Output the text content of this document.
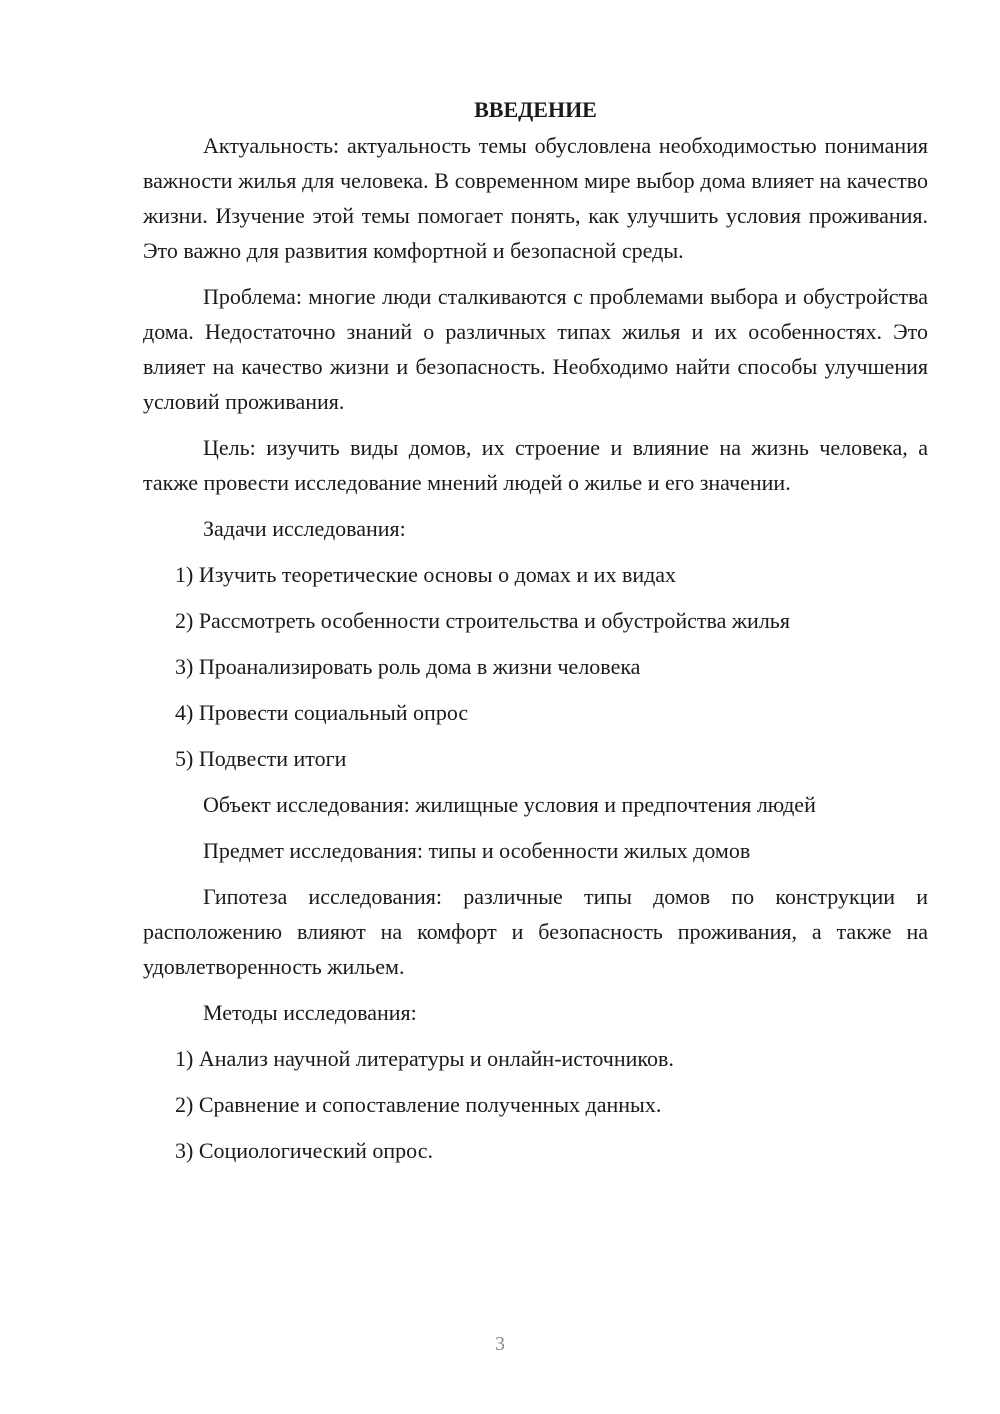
ВВЕДЕНИЕ

Актуальность: актуальность темы обусловлена необходимостью понимания важности жилья для человека. В современном мире выбор дома влияет на качество жизни. Изучение этой темы помогает понять, как улучшить условия проживания. Это важно для развития комфортной и безопасной среды.

Проблема: многие люди сталкиваются с проблемами выбора и обустройства дома. Недостаточно знаний о различных типах жилья и их особенностях. Это влияет на качество жизни и безопасность. Необходимо найти способы улучшения условий проживания.

Цель: изучить виды домов, их строение и влияние на жизнь человека, а также провести исследование мнений людей о жилье и его значении.

Задачи исследования:

1) Изучить теоретические основы о домах и их видах
2) Рассмотреть особенности строительства и обустройства жилья
3) Проанализировать роль дома в жизни человека
4) Провести социальный опрос
5) Подвести итоги

Объект исследования: жилищные условия и предпочтения людей

Предмет исследования: типы и особенности жилых домов

Гипотеза исследования: различные типы домов по конструкции и расположению влияют на комфорт и безопасность проживания, а также на удовлетворенность жильем.

Методы исследования:

1) Анализ научной литературы и онлайн-источников.
2) Сравнение и сопоставление полученных данных.
3) Социологический опрос.
3
